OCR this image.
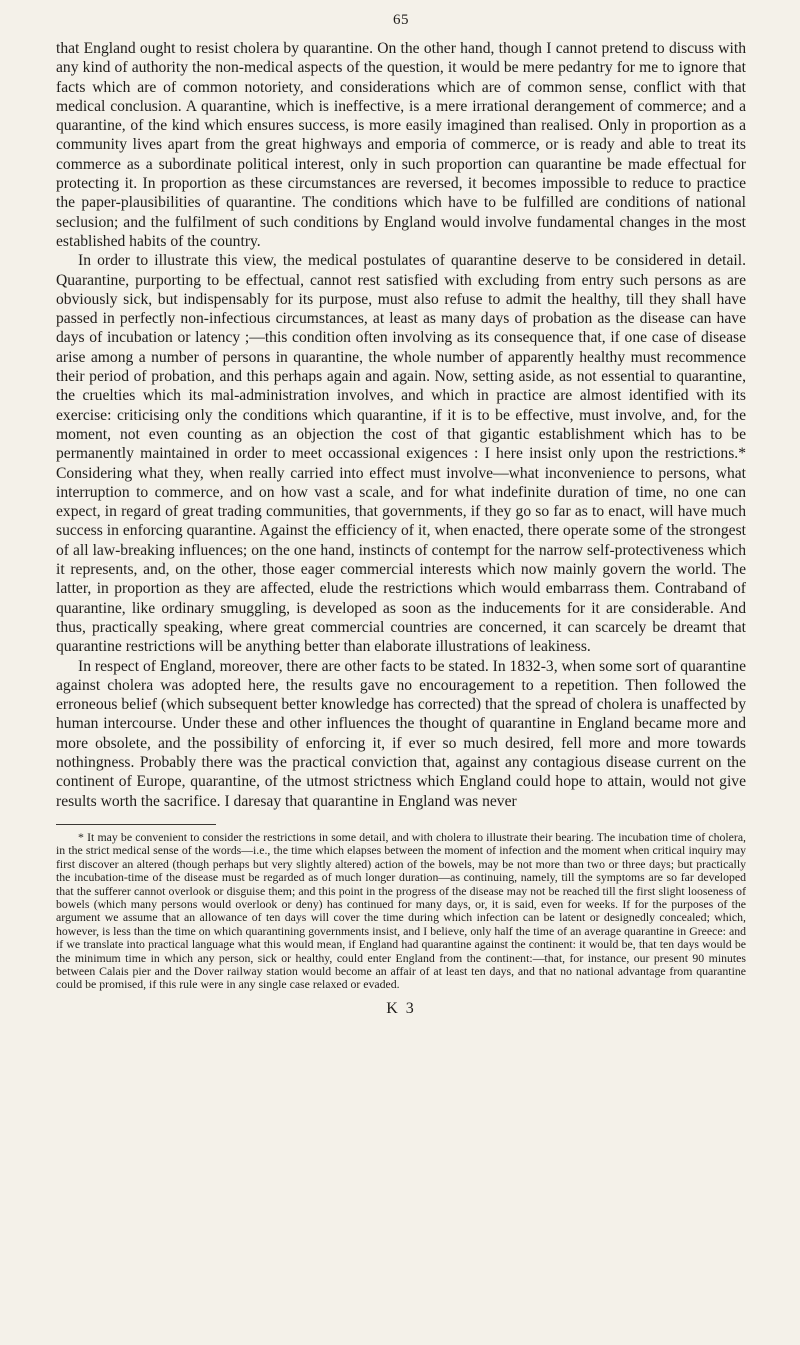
65

that England ought to resist cholera by quarantine. On the other hand, though I cannot pretend to discuss with any kind of authority the non-medical aspects of the question, it would be mere pedantry for me to ignore that facts which are of common notoriety, and considerations which are of common sense, conflict with that medical conclusion. A quarantine, which is ineffective, is a mere irrational derangement of commerce; and a quarantine, of the kind which ensures success, is more easily imagined than realised. Only in proportion as a community lives apart from the great highways and emporia of commerce, or is ready and able to treat its commerce as a subordinate political interest, only in such proportion can quarantine be made effectual for protecting it. In proportion as these circumstances are reversed, it becomes impossible to reduce to practice the paper-plausibilities of quarantine. The conditions which have to be fulfilled are conditions of national seclusion; and the fulfilment of such conditions by England would involve fundamental changes in the most established habits of the country.

In order to illustrate this view, the medical postulates of quarantine deserve to be considered in detail. Quarantine, purporting to be effectual, cannot rest satisfied with excluding from entry such persons as are obviously sick, but indispensably for its purpose, must also refuse to admit the healthy, till they shall have passed in perfectly non-infectious circumstances, at least as many days of probation as the disease can have days of incubation or latency ;—this condition often involving as its consequence that, if one case of disease arise among a number of persons in quarantine, the whole number of apparently healthy must recommence their period of probation, and this perhaps again and again. Now, setting aside, as not essential to quarantine, the cruelties which its mal-administration involves, and which in practice are almost identified with its exercise: criticising only the conditions which quarantine, if it is to be effective, must involve, and, for the moment, not even counting as an objection the cost of that gigantic establishment which has to be permanently maintained in order to meet occassional exigences : I here insist only upon the restrictions.* Considering what they, when really carried into effect must involve—what inconvenience to persons, what interruption to commerce, and on how vast a scale, and for what indefinite duration of time, no one can expect, in regard of great trading communities, that governments, if they go so far as to enact, will have much success in enforcing quarantine. Against the efficiency of it, when enacted, there operate some of the strongest of all law-breaking influences; on the one hand, instincts of contempt for the narrow self-protectiveness which it represents, and, on the other, those eager commercial interests which now mainly govern the world. The latter, in proportion as they are affected, elude the restrictions which would embarrass them. Contraband of quarantine, like ordinary smuggling, is developed as soon as the inducements for it are considerable. And thus, practically speaking, where great commercial countries are concerned, it can scarcely be dreamt that quarantine restrictions will be anything better than elaborate illustrations of leakiness.

In respect of England, moreover, there are other facts to be stated. In 1832-3, when some sort of quarantine against cholera was adopted here, the results gave no encouragement to a repetition. Then followed the erroneous belief (which subsequent better knowledge has corrected) that the spread of cholera is unaffected by human intercourse. Under these and other influences the thought of quarantine in England became more and more obsolete, and the possibility of enforcing it, if ever so much desired, fell more and more towards nothingness. Probably there was the practical conviction that, against any contagious disease current on the continent of Europe, quarantine, of the utmost strictness which England could hope to attain, would not give results worth the sacrifice. I daresay that quarantine in England was never

* It may be convenient to consider the restrictions in some detail, and with cholera to illustrate their bearing. The incubation time of cholera, in the strict medical sense of the words—i.e., the time which elapses between the moment of infection and the moment when critical inquiry may first discover an altered (though perhaps but very slightly altered) action of the bowels, may be not more than two or three days; but practically the incubation-time of the disease must be regarded as of much longer duration—as continuing, namely, till the symptoms are so far developed that the sufferer cannot overlook or disguise them; and this point in the progress of the disease may not be reached till the first slight looseness of bowels (which many persons would overlook or deny) has continued for many days, or, it is said, even for weeks. If for the purposes of the argument we assume that an allowance of ten days will cover the time during which infection can be latent or designedly concealed; which, however, is less than the time on which quarantining governments insist, and I believe, only half the time of an average quarantine in Greece: and if we translate into practical language what this would mean, if England had quarantine against the continent: it would be, that ten days would be the minimum time in which any person, sick or healthy, could enter England from the continent:—that, for instance, our present 90 minutes between Calais pier and the Dover railway station would become an affair of at least ten days, and that no national advantage from quarantine could be promised, if this rule were in any single case relaxed or evaded.

K 3
